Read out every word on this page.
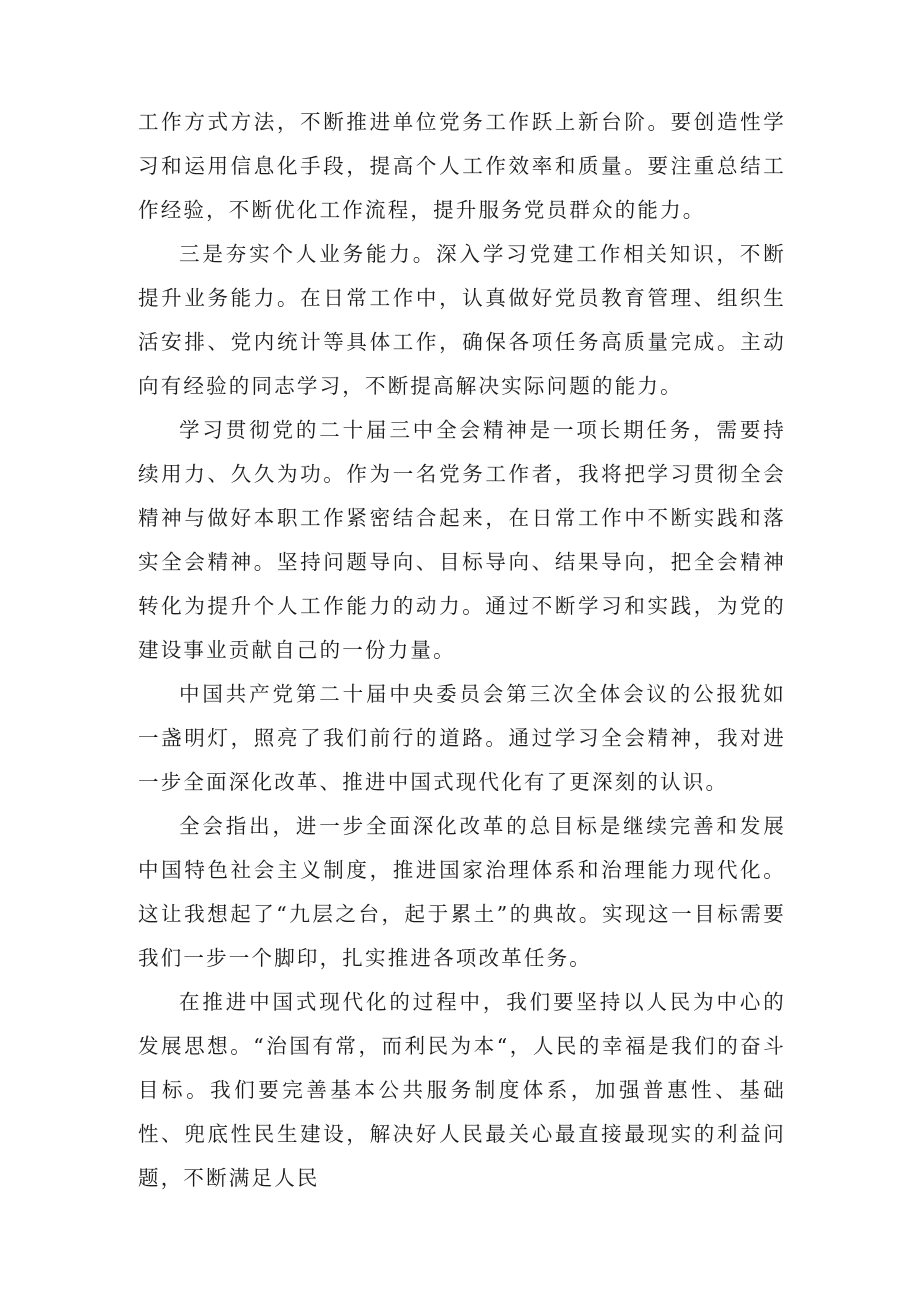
工作方式方法，不断推进单位党务工作跃上新台阶。要创造性学习和运用信息化手段，提高个人工作效率和质量。要注重总结工作经验，不断优化工作流程，提升服务党员群众的能力。

三是夯实个人业务能力。深入学习党建工作相关知识，不断提升业务能力。在日常工作中，认真做好党员教育管理、组织生活安排、党内统计等具体工作，确保各项任务高质量完成。主动向有经验的同志学习，不断提高解决实际问题的能力。

学习贯彻党的二十届三中全会精神是一项长期任务，需要持续用力、久久为功。作为一名党务工作者，我将把学习贯彻全会精神与做好本职工作紧密结合起来，在日常工作中不断实践和落实全会精神。坚持问题导向、目标导向、结果导向，把全会精神转化为提升个人工作能力的动力。通过不断学习和实践，为党的建设事业贡献自己的一份力量。

中国共产党第二十届中央委员会第三次全体会议的公报犹如一盏明灯，照亮了我们前行的道路。通过学习全会精神，我对进一步全面深化改革、推进中国式现代化有了更深刻的认识。

全会指出，进一步全面深化改革的总目标是继续完善和发展中国特色社会主义制度，推进国家治理体系和治理能力现代化。这让我想起了“九层之台，起于累土”的典故。实现这一目标需要我们一步一个脚印，扎实推进各项改革任务。

在推进中国式现代化的过程中，我们要坚持以人民为中心的发展思想。“治国有常，而利民为本“，人民的幸福是我们的奋斗目标。我们要完善基本公共服务制度体系，加强普惠性、基础性、兜底性民生建设，解决好人民最关心最直接最现实的利益问题，不断满足人民
